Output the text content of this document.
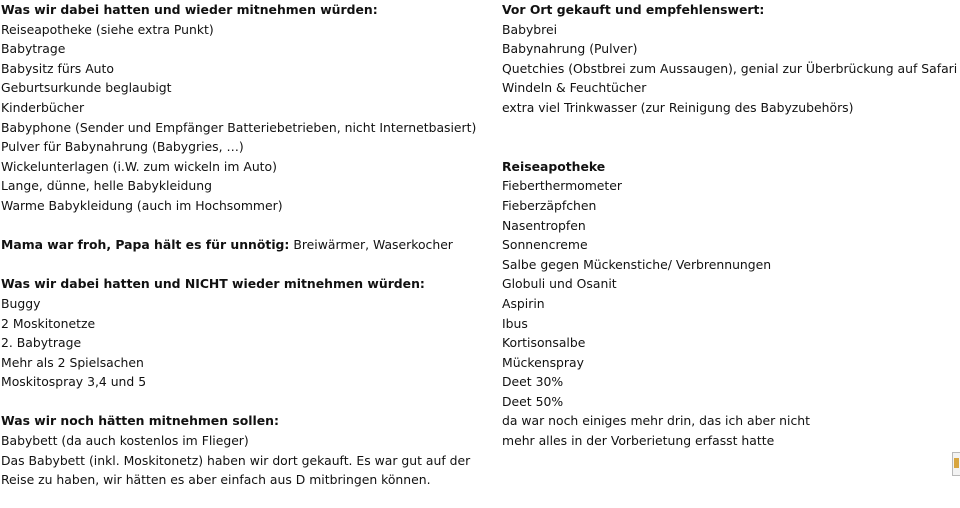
Was wir dabei hatten und wieder mitnehmen würden:
Reiseapotheke (siehe extra Punkt)
Babytrage
Babysitz fürs Auto
Geburtsurkunde beglaubigt
Kinderbücher
Babyphone (Sender und Empfänger Batteriebetrieben, nicht Internetbasiert)
Pulver für Babynahrung (Babygries, …)
Wickelunterlagen (i.W. zum wickeln im Auto)
Lange, dünne, helle Babykleidung
Warme Babykleidung (auch im Hochsommer)
Mama war froh, Papa hält es für unnötig: Breiwärmer, Waserkocher
Was wir dabei hatten und NICHT wieder mitnehmen würden:
Buggy
2 Moskitonetze
2. Babytrage
Mehr als 2 Spielsachen
Moskitospray 3,4 und 5
Was wir noch hätten mitnehmen sollen:
Babybett (da auch kostenlos im Flieger)
Das Babybett (inkl. Moskitonetz) haben wir dort gekauft. Es war gut auf der
Reise zu haben, wir hätten es aber einfach aus D mitbringen können.
Vor Ort gekauft und empfehlenswert:
Babybrei
Babynahrung (Pulver)
Quetchies (Obstbrei zum Aussaugen), genial zur Überbrückung auf Safari
Windeln & Feuchtücher
extra viel Trinkwasser (zur Reinigung des Babyzubehörs)
Reiseapotheke
Fieberthermometer
Fieberzäpfchen
Nasentropfen
Sonnencreme
Salbe gegen Mückenstiche/ Verbrennungen
Globuli und Osanit
Aspirin
Ibus
Kortisonsalbe
Mückenspray
Deet 30%
Deet 50%
da war noch einiges mehr drin, das ich aber nicht
mehr alles in der Vorberietung erfasst hatte
